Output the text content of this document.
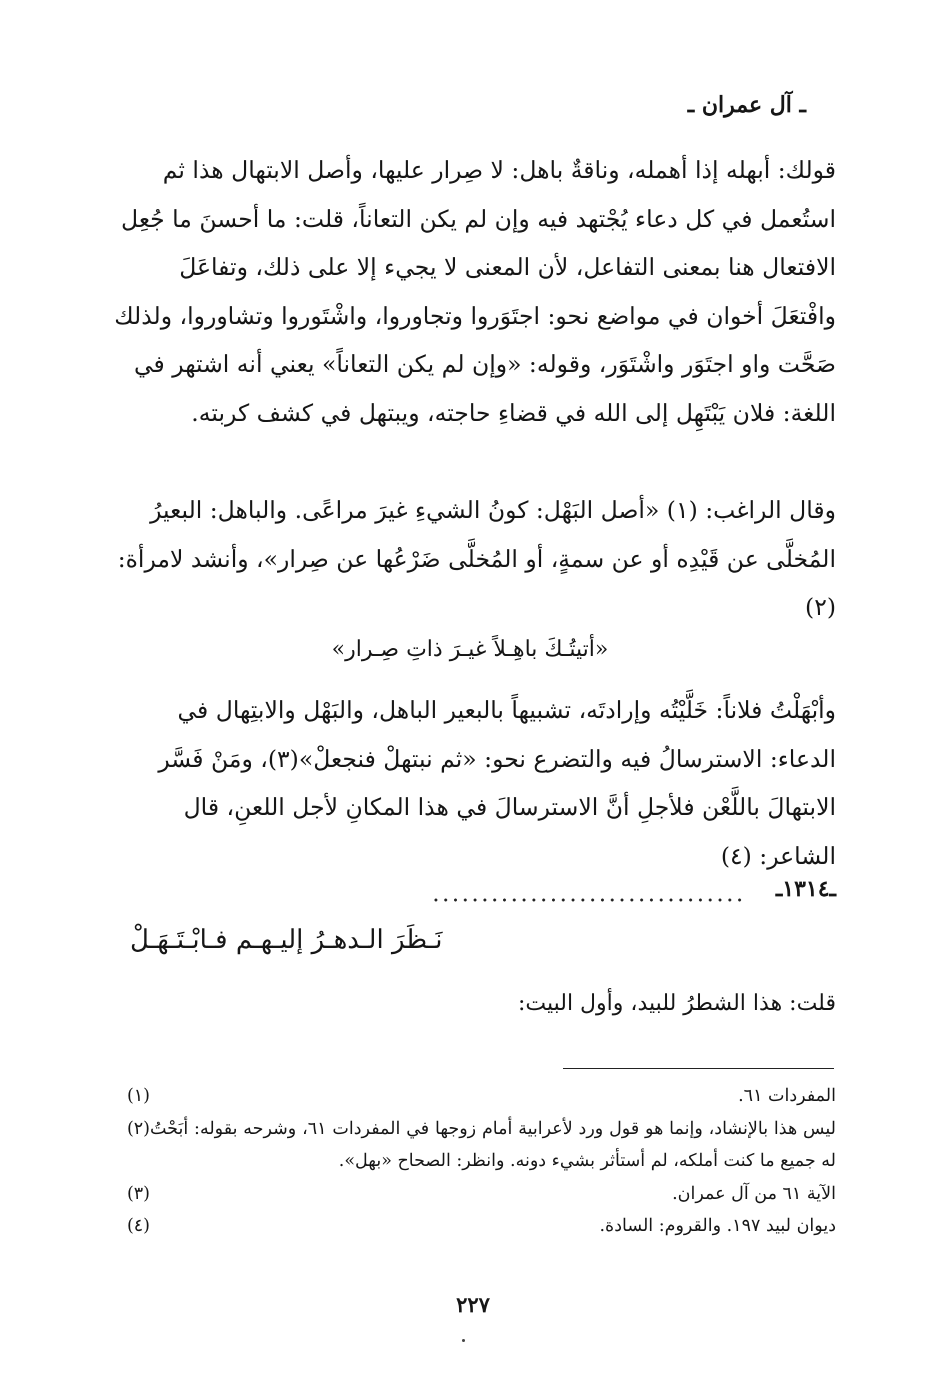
ـ آل عمران ـ

قولك: أبهله إذا أهمله، وناقةٌ باهل: لا صِرار عليها، وأصل الابتهال هذا ثم استُعمل في كل دعاء يُجْتهد فيه وإن لم يكن التعاناً، قلت: ما أحسنَ ما جُعِل الافتعال هنا بمعنى التفاعل، لأن المعنى لا يجيء إلا على ذلك، وتفاعَلَ وافْتعَلَ أخوان في مواضع نحو: اجتَوَروا وتجاوروا، واشْتَوروا وتشاوروا، ولذلك صَحَّت واو اجتَوَر واشْتَوَر، وقوله: «وإن لم يكن التعاناً» يعني أنه اشتهر في اللغة: فلان يَبْتَهِل إلى الله في قضاءِ حاجته، ويبتهل في كشف كربته.

وقال الراغب: (١) «أصل البَهْل: كونُ الشيءِ غيرَ مراعًى. والباهل: البعيرُ المُخلَّى عن قَيْدِه أو عن سمةٍ، أو المُخلَّى ضَرْعُها عن صِرار»، وأنشد لامرأة: (٢)

«أتيتُـكَ باهِـلاً غيـرَ ذاتِ صِـرار»

وأبْهَلْتُ فلاناً: خَلَّيْتُه وإرادتَه، تشبيهاً بالبعير الباهل، والبَهْل والابتِهال في الدعاء: الاسترسالُ فيه والتضرع نحو: «ثم نبتهلْ فنجعلْ»(٣)، ومَنْ فَسَّر الابتهالَ باللَّعْن فلأجلِ أنَّ الاسترسالَ في هذا المكانِ لأجل اللعنِ، قال الشاعر: (٤)

ـ١٣١٤ـ
نَـظَرَ الـدهـرُ إليـهـم فـابْـتَـهَـلْ
قلت: هذا الشطرُ للبيد، وأول البيت:
(١)	المفردات ٦١.
(٢) ليس هذا بالإنشاد، وإنما هو قول ورد لأعرابية أمام زوجها في المفردات ٦١، وشرحه بقوله: أبَحْتُ له جميع ما كنت أملكه، لم أستأثر بشيء دونه. وانظر: الصحاح «بهل».
(٣)	الآية ٦١ من آل عمران.
(٤)	ديوان لبيد ١٩٧. والقروم: السادة.
٢٢٧
